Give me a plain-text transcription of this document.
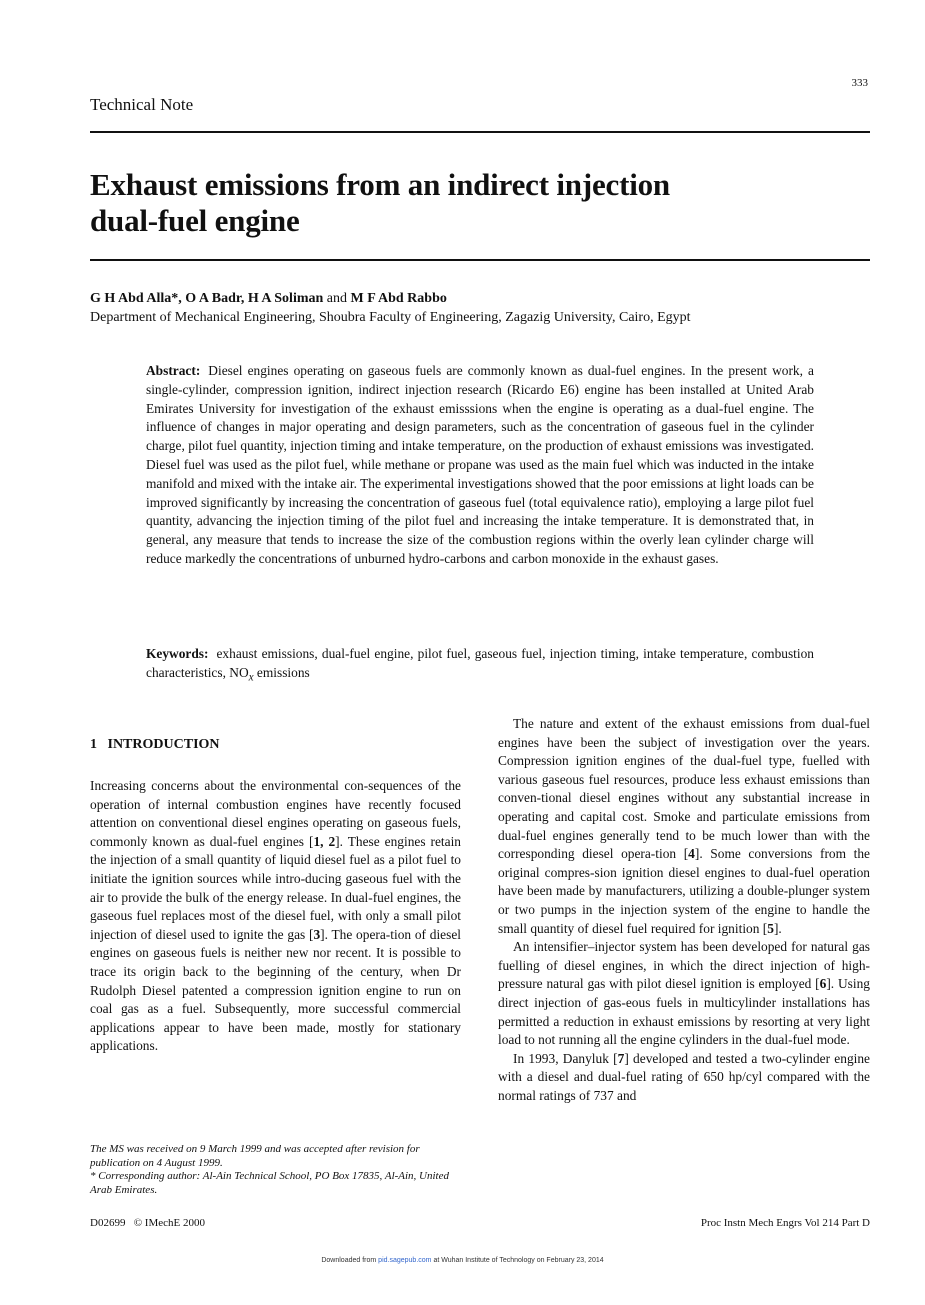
333
Technical Note
Exhaust emissions from an indirect injection
dual-fuel engine
G H Abd Alla*, O A Badr, H A Soliman and M F Abd Rabbo
Department of Mechanical Engineering, Shoubra Faculty of Engineering, Zagazig University, Cairo, Egypt
Abstract: Diesel engines operating on gaseous fuels are commonly known as dual-fuel engines. In the present work, a single-cylinder, compression ignition, indirect injection research (Ricardo E6) engine has been installed at United Arab Emirates University for investigation of the exhaust emisssions when the engine is operating as a dual-fuel engine. The influence of changes in major operating and design parameters, such as the concentration of gaseous fuel in the cylinder charge, pilot fuel quantity, injection timing and intake temperature, on the production of exhaust emissions was investigated. Diesel fuel was used as the pilot fuel, while methane or propane was used as the main fuel which was inducted in the intake manifold and mixed with the intake air. The experimental investigations showed that the poor emissions at light loads can be improved significantly by increasing the concentration of gaseous fuel (total equivalence ratio), employing a large pilot fuel quantity, advancing the injection timing of the pilot fuel and increasing the intake temperature. It is demonstrated that, in general, any measure that tends to increase the size of the combustion regions within the overly lean cylinder charge will reduce markedly the concentrations of unburned hydro-carbons and carbon monoxide in the exhaust gases.
Keywords: exhaust emissions, dual-fuel engine, pilot fuel, gaseous fuel, injection timing, intake temperature, combustion characteristics, $NO_x$ emissions
1   INTRODUCTION

Increasing concerns about the environmental con-sequences of the operation of internal combustion engines have recently focused attention on conventional diesel engines operating on gaseous fuels, commonly known as dual-fuel engines [1, 2]. These engines retain the injection of a small quantity of liquid diesel fuel as a pilot fuel to initiate the ignition sources while intro-ducing gaseous fuel with the air to provide the bulk of the energy release. In dual-fuel engines, the gaseous fuel replaces most of the diesel fuel, with only a small pilot injection of diesel used to ignite the gas [3]. The opera-tion of diesel engines on gaseous fuels is neither new nor recent. It is possible to trace its origin back to the beginning of the century, when Dr Rudolph Diesel patented a compression ignition engine to run on coal gas as a fuel. Subsequently, more successful commercial applications appear to have been made, mostly for stationary applications.

The MS was received on 9 March 1999 and was accepted after revision for publication on 4 August 1999.

* Corresponding author: Al-Ain Technical School, PO Box 17835, Al-Ain, United Arab Emirates.

The nature and extent of the exhaust emissions from dual-fuel engines have been the subject of investigation over the years. Compression ignition engines of the dual-fuel type, fuelled with various gaseous fuel resources, produce less exhaust emissions than conven-tional diesel engines without any substantial increase in operating and capital cost. Smoke and particulate emissions from dual-fuel engines generally tend to be much lower than with the corresponding diesel opera-tion [4]. Some conversions from the original compres-sion ignition diesel engines to dual-fuel operation have been made by manufacturers, utilizing a double-plunger system or two pumps in the injection system of the engine to handle the small quantity of diesel fuel required for ignition [5].

An intensifier–injector system has been developed for natural gas fuelling of diesel engines, in which the direct injection of high-pressure natural gas with pilot diesel ignition is employed [6]. Using direct injection of gas-eous fuels in multicylinder installations has permitted a reduction in exhaust emissions by resorting at very light load to not running all the engine cylinders in the dual-fuel mode.

In 1993, Danyluk [7] developed and tested a two-cylinder engine with a diesel and dual-fuel rating of 650 hp/cyl compared with the normal ratings of 737 and

D02699   © IMechE 2000	Proc Instn Mech Engrs Vol 214 Part D
Downloaded from pid.sagepub.com at Wuhan Institute of Technology on February 23, 2014
